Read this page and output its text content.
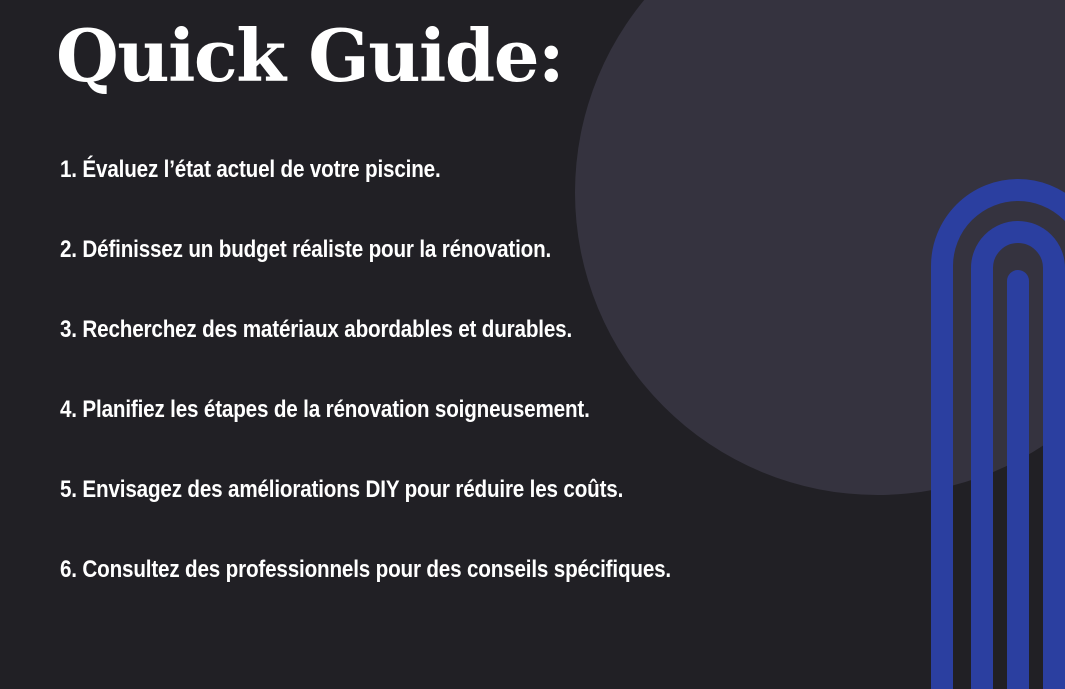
Quick Guide:
1. Évaluez l’état actuel de votre piscine.
2. Définissez un budget réaliste pour la rénovation.
3. Recherchez des matériaux abordables et durables.
4. Planifiez les étapes de la rénovation soigneusement.
5. Envisagez des améliorations DIY pour réduire les coûts.
6. Consultez des professionnels pour des conseils spécifiques.
